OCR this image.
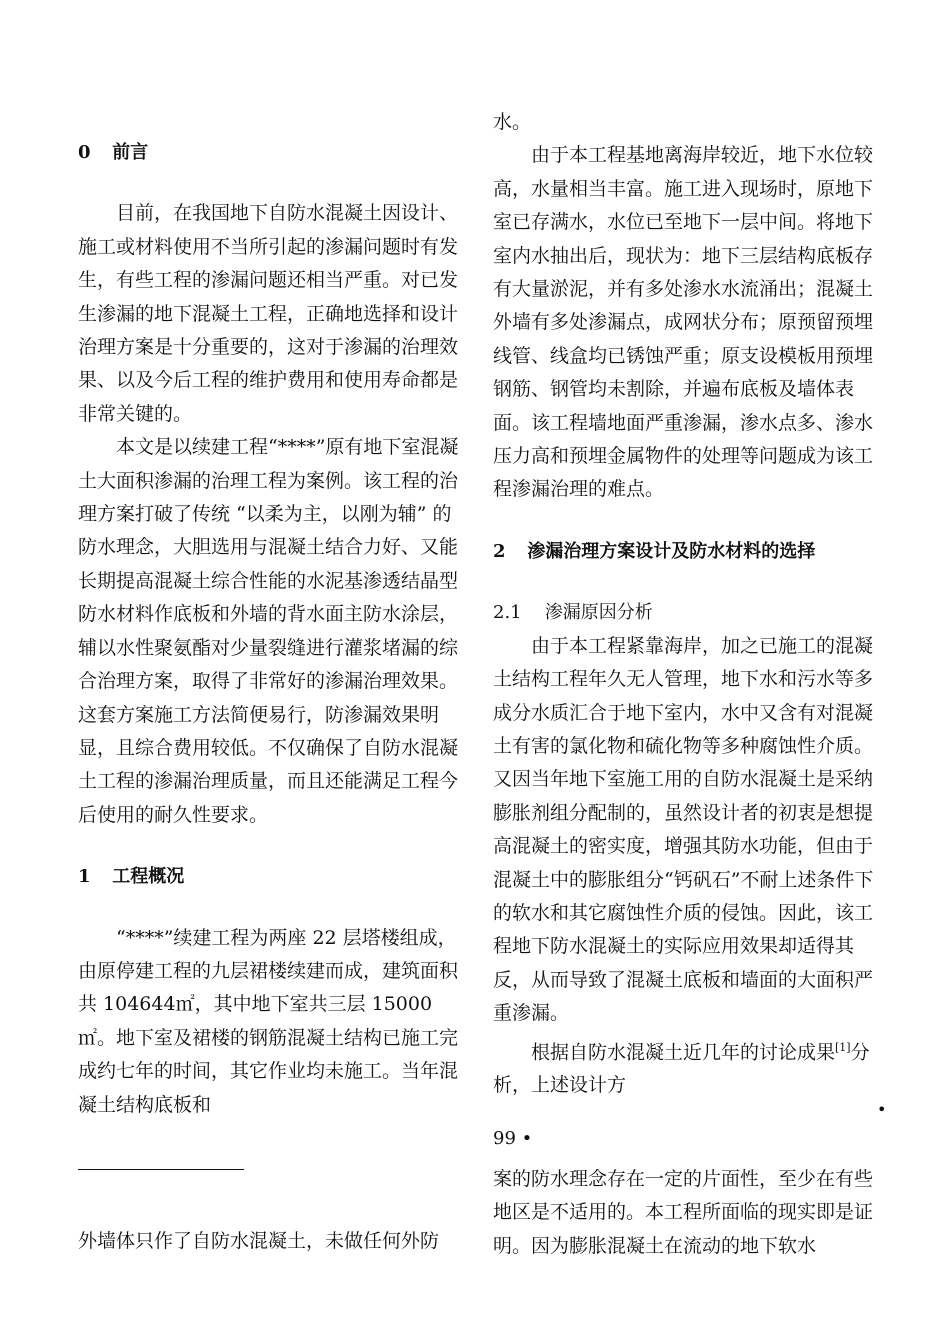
0 前言

目前，在我国地下自防水混凝土因设计、施工或材料使用不当所引起的渗漏问题时有发生，有些工程的渗漏问题还相当严重。对已发生渗漏的地下混凝土工程，正确地选择和设计治理方案是十分重要的，这对于渗漏的治理效果、以及今后工程的维护费用和使用寿命都是非常关键的。

本文是以续建工程“****”原有地下室混凝土大面积渗漏的治理工程为案例。该工程的治理方案打破了传统 “以柔为主，以刚为辅” 的防水理念，大胆选用与混凝土结合力好、又能长期提高混凝土综合性能的水泥基渗透结晶型防水材料作底板和外墙的背水面主防水涂层，辅以水性聚氨酯对少量裂缝进行灌浆堵漏的综合治理方案，取得了非常好的渗漏治理效果。这套方案施工方法简便易行，防渗漏效果明显，且综合费用较低。不仅确保了自防水混凝土工程的渗漏治理质量，而且还能满足工程今后使用的耐久性要求。

1 工程概况

“****”续建工程为两座 22 层塔楼组成，由原停建工程的九层裙楼续建而成，建筑面积共 104644㎡，其中地下室共三层 15000㎡。地下室及裙楼的钢筋混凝土结构已施工完成约七年的时间，其它作业均未施工。当年混凝土结构底板和

外墙体只作了自防水混凝土，未做任何外防

水。

由于本工程基地离海岸较近，地下水位较高，水量相当丰富。施工进入现场时，原地下室已存满水，水位已至地下一层中间。将地下室内水抽出后，现状为：地下三层结构底板存有大量淤泥，并有多处渗水水流涌出；混凝土外墙有多处渗漏点，成网状分布；原预留预埋线管、线盒均已锈蚀严重；原支设模板用预埋钢筋、钢管均未割除，并遍布底板及墙体表面。该工程墙地面严重渗漏，渗水点多、渗水压力高和预埋金属物件的处理等问题成为该工程渗漏治理的难点。

2 渗漏治理方案设计及防水材料的选择
2.1 渗漏原因分析

由于本工程紧靠海岸，加之已施工的混凝土结构工程年久无人管理，地下水和污水等多成分水质汇合于地下室内，水中又含有对混凝土有害的氯化物和硫化物等多种腐蚀性介质。又因当年地下室施工用的自防水混凝土是采纳膨胀剂组分配制的，虽然设计者的初衷是想提高混凝土的密实度，增强其防水功能，但由于混凝土中的膨胀组分“钙矾石”不耐上述条件下的软水和其它腐蚀性介质的侵蚀。因此，该工程地下防水混凝土的实际应用效果却适得其反，从而导致了混凝土底板和墙面的大面积严重渗漏。

根据自防水混凝土近几年的讨论成果[1]分析，上述设计方

•
99 •
案的防水理念存在一定的片面性，至少在有些地区是不适用的。本工程所面临的现实即是证明。因为膨胀混凝土在流动的地下软水
